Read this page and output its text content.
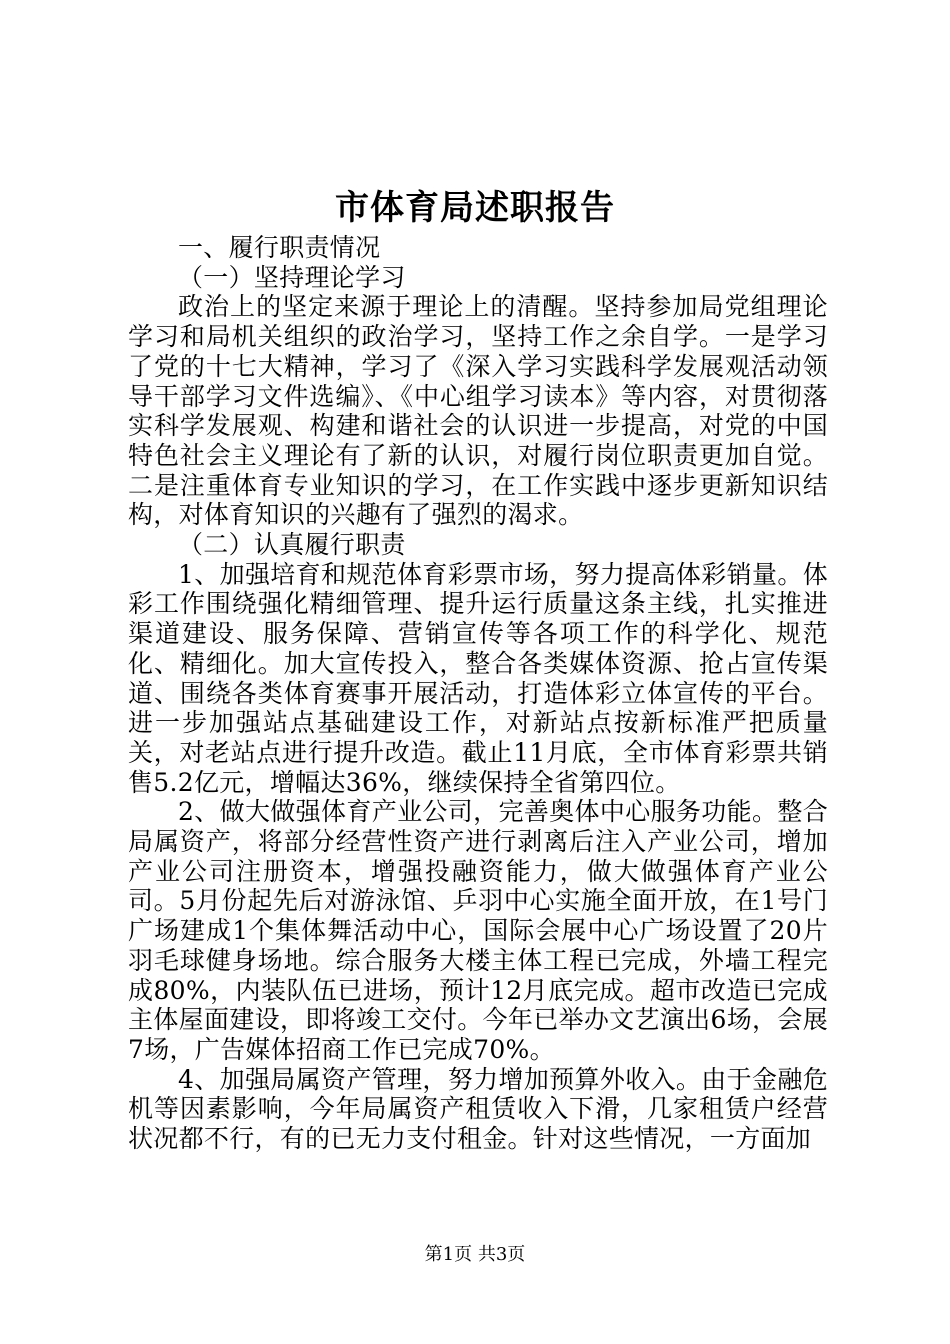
市体育局述职报告

一、履行职责情况

（一）坚持理论学习

政治上的坚定来源于理论上的清醒。坚持参加局党组理论学习和局机关组织的政治学习，坚持工作之余自学。一是学习了党的十七大精神，学习了《深入学习实践科学发展观活动领导干部学习文件选编》、《中心组学习读本》等内容，对贯彻落实科学发展观、构建和谐社会的认识进一步提高，对党的中国特色社会主义理论有了新的认识，对履行岗位职责更加自觉。二是注重体育专业知识的学习，在工作实践中逐步更新知识结构，对体育知识的兴趣有了强烈的渴求。

（二）认真履行职责

1、加强培育和规范体育彩票市场，努力提高体彩销量。体彩工作围绕强化精细管理、提升运行质量这条主线，扎实推进渠道建设、服务保障、营销宣传等各项工作的科学化、规范化、精细化。加大宣传投入，整合各类媒体资源、抢占宣传渠道、围绕各类体育赛事开展活动，打造体彩立体宣传的平台。进一步加强站点基础建设工作，对新站点按新标准严把质量关，对老站点进行提升改造。截止11月底，全市体育彩票共销售5.2亿元，增幅达36%，继续保持全省第四位。

2、做大做强体育产业公司，完善奥体中心服务功能。整合局属资产，将部分经营性资产进行剥离后注入产业公司，增加产业公司注册资本，增强投融资能力，做大做强体育产业公司。5月份起先后对游泳馆、乒羽中心实施全面开放，在1号门广场建成1个集体舞活动中心，国际会展中心广场设置了20片羽毛球健身场地。综合服务大楼主体工程已完成，外墙工程完成80%，内装队伍已进场，预计12月底完成。超市改造已完成主体屋面建设，即将竣工交付。今年已举办文艺演出6场，会展7场，广告媒体招商工作已完成70%。

4、加强局属资产管理，努力增加预算外收入。由于金融危机等因素影响，今年局属资产租赁收入下滑，几家租赁户经营状况都不行，有的已无力支付租金。针对这些情况，一方面加

第1页 共3页
